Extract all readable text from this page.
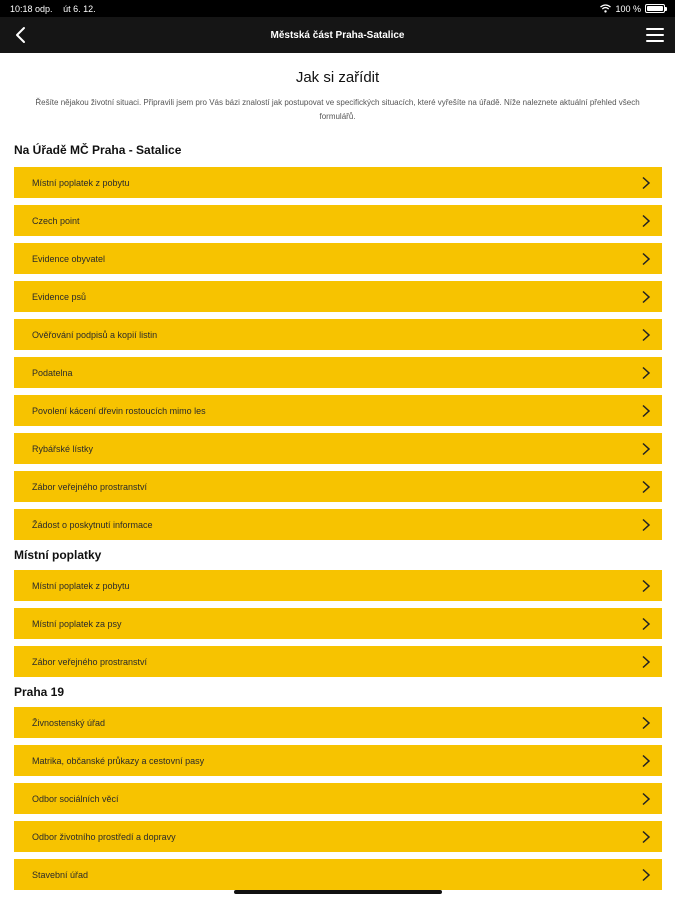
10:18 odp. út 6. 12.	100 %
Městská část Praha-Satalice
Jak si zařídit
Řešíte nějakou životní situaci. Připravili jsem pro Vás bázi znalostí jak postupovat ve specifických situacích, které vyřešíte na úřadě. Níže naleznete aktuální přehled všech formulářů.
Na Úřadě MČ Praha - Satalice
Místní poplatek z pobytu
Czech point
Evidence obyvatel
Evidence psů
Ověřování podpisů a kopií listin
Podatelna
Povolení kácení dřevin rostoucích mimo les
Rybářské lístky
Zábor veřejného prostranství
Žádost o poskytnutí informace
Místní poplatky
Místní poplatek z pobytu
Místní poplatek za psy
Zábor veřejného prostranství
Praha 19
Živnostenský úřad
Matrika, občanské průkazy a cestovní pasy
Odbor sociálních věcí
Odbor životního prostředí a dopravy
Stavební úřad
